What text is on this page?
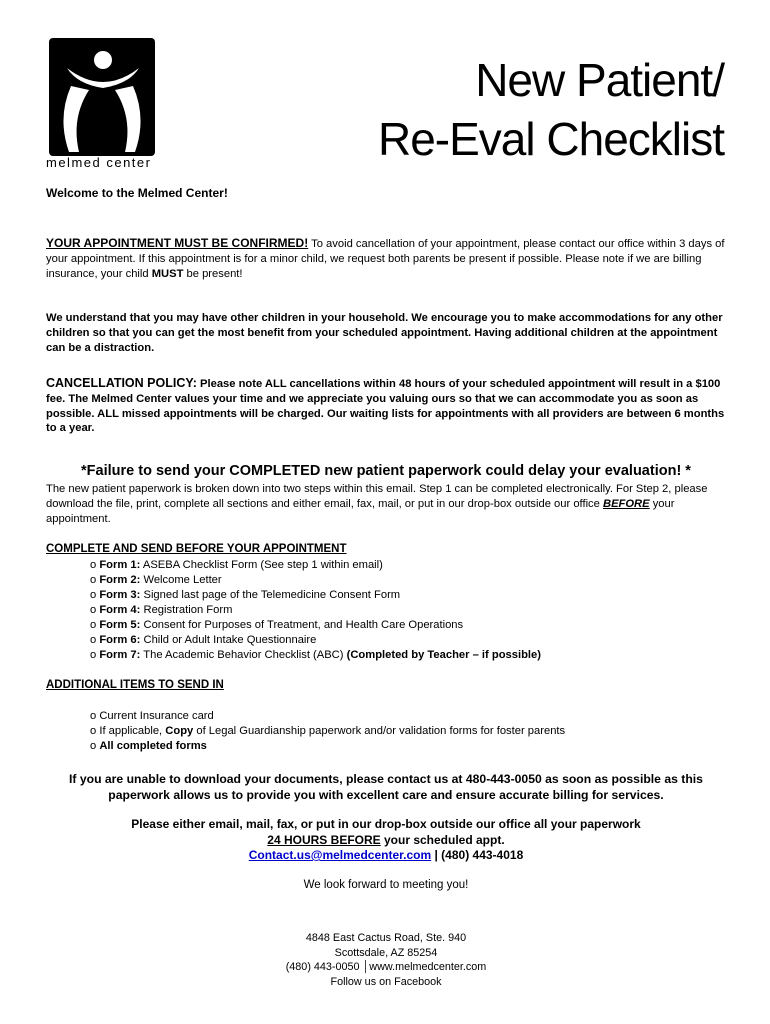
melmed center
New Patient/
Re-Eval Checklist
Welcome to the Melmed Center!
YOUR APPOINTMENT MUST BE CONFIRMED! To avoid cancellation of your appointment, please contact our office within 3 days of your appointment. If this appointment is for a minor child, we request both parents be present if possible. Please note if we are billing insurance, your child MUST be present!
We understand that you may have other children in your household. We encourage you to make accommodations for any other children so that you can get the most benefit from your scheduled appointment. Having additional children at the appointment can be a distraction.
CANCELLATION POLICY: Please note ALL cancellations within 48 hours of your scheduled appointment will result in a $100 fee. The Melmed Center values your time and we appreciate you valuing ours so that we can accommodate you as soon as possible. ALL missed appointments will be charged. Our waiting lists for appointments with all providers are between 6 months to a year.
*Failure to send your COMPLETED new patient paperwork could delay your evaluation! *
The new patient paperwork is broken down into two steps within this email. Step 1 can be completed electronically. For Step 2, please download the file, print, complete all sections and either email, fax, mail, or put in our drop-box outside our office BEFORE your appointment.
COMPLETE AND SEND BEFORE YOUR APPOINTMENT
o Form 1: ASEBA Checklist Form (See step 1 within email)
o Form 2: Welcome Letter
o Form 3: Signed last page of the Telemedicine Consent Form
o Form 4: Registration Form
o Form 5: Consent for Purposes of Treatment, and Health Care Operations
o Form 6: Child or Adult Intake Questionnaire
o Form 7: The Academic Behavior Checklist (ABC) (Completed by Teacher – if possible)
ADDITIONAL ITEMS TO SEND IN
o Current Insurance card
o If applicable, Copy of Legal Guardianship paperwork and/or validation forms for foster parents
o All completed forms
If you are unable to download your documents, please contact us at 480-443-0050 as soon as possible as this paperwork allows us to provide you with excellent care and ensure accurate billing for services.
Please either email, mail, fax, or put in our drop-box outside our office all your paperwork
24 HOURS BEFORE your scheduled appt.
Contact.us@melmedcenter.com | (480) 443-4018
We look forward to meeting you!
4848 East Cactus Road, Ste. 940
Scottsdale, AZ 85254
(480) 443-0050 │www.melmedcenter.com
Follow us on Facebook
